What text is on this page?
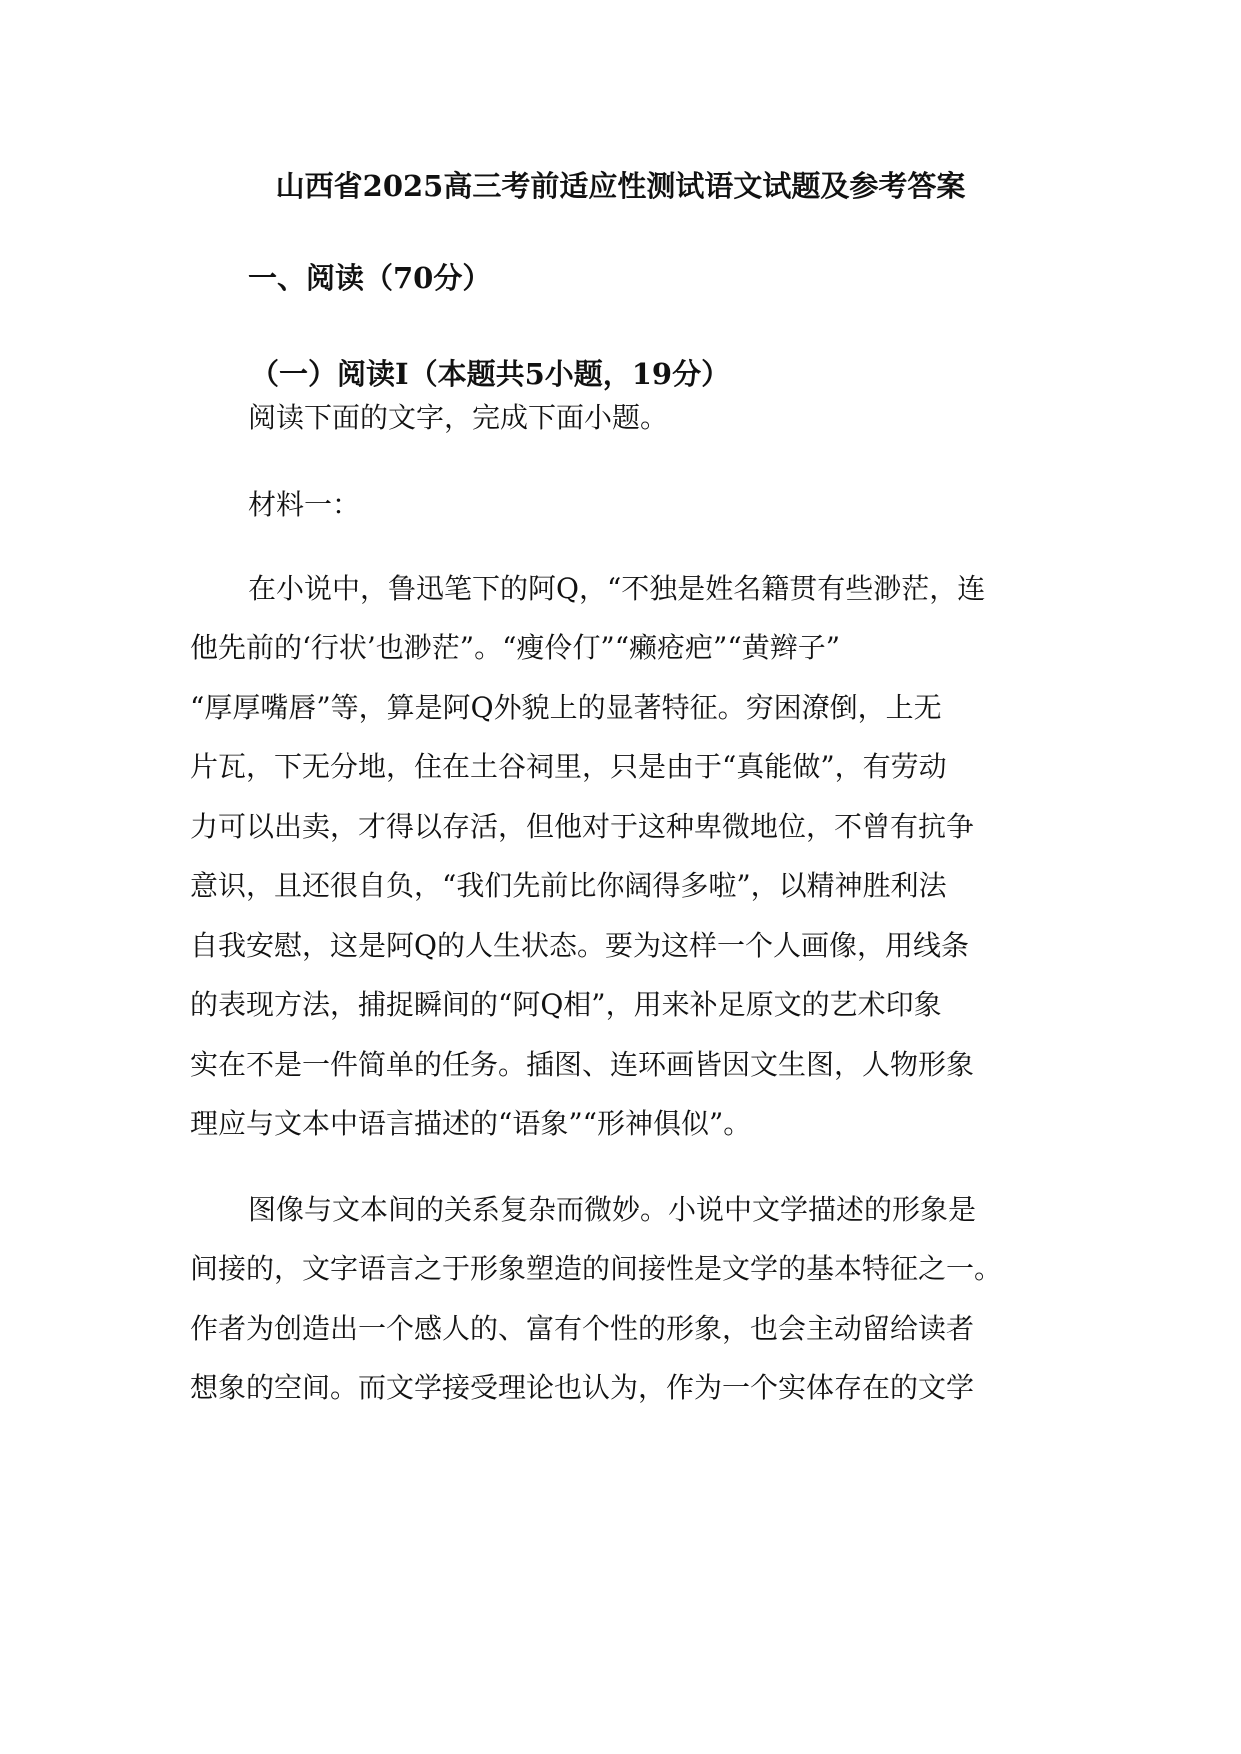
山西省2025高三考前适应性测试语文试题及参考答案
一、阅读（70分）
（一）阅读Ⅰ（本题共5小题，19分）
阅读下面的文字，完成下面小题。
材料一：
在小说中，鲁迅笔下的阿Q，“不独是姓名籍贯有些渺茫，连
他先前的‘行状’也渺茫”。“瘦伶仃”“癞疮疤”“黄辫子”
“厚厚嘴唇”等，算是阿Q外貌上的显著特征。穷困潦倒，上无
片瓦，下无分地，住在土谷祠里，只是由于“真能做”，有劳动
力可以出卖，才得以存活，但他对于这种卑微地位，不曾有抗争
意识，且还很自负，“我们先前比你阔得多啦”，以精神胜利法
自我安慰，这是阿Q的人生状态。要为这样一个人画像，用线条
的表现方法，捕捉瞬间的“阿Q相”，用来补足原文的艺术印象
实在不是一件简单的任务。插图、连环画皆因文生图，人物形象
理应与文本中语言描述的“语象”“形神俱似”。
图像与文本间的关系复杂而微妙。小说中文学描述的形象是
间接的，文字语言之于形象塑造的间接性是文学的基本特征之一。
作者为创造出一个感人的、富有个性的形象，也会主动留给读者
想象的空间。而文学接受理论也认为，作为一个实体存在的文学
